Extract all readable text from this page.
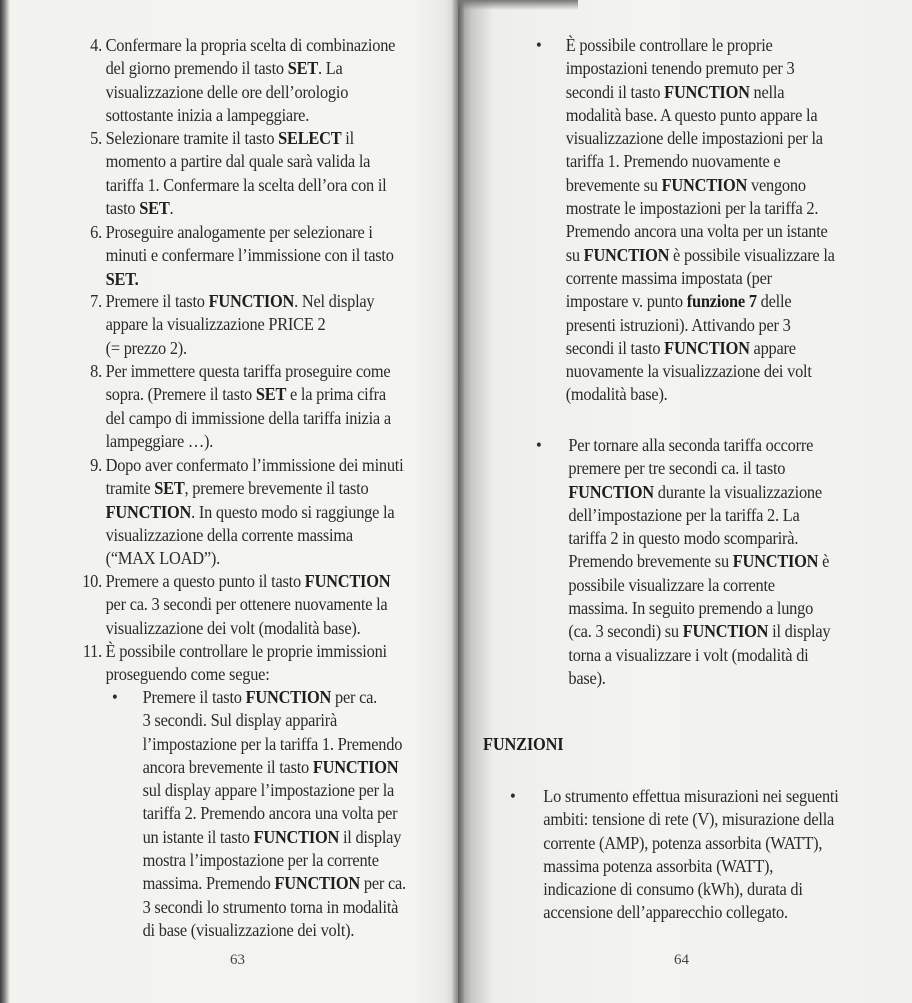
4. Confermare la propria scelta di combinazione
del giorno premendo il tasto SET. La
visualizzazione delle ore dell’orologio
sottostante inizia a lampeggiare.
5. Selezionare tramite il tasto SELECT il
momento a partire dal quale sarà valida la
tariffa 1. Confermare la scelta dell’ora con il
tasto SET.
6. Proseguire analogamente per selezionare i
minuti e confermare l’immissione con il tasto
SET.
7. Premere il tasto FUNCTION. Nel display
appare la visualizzazione PRICE 2
(= prezzo 2).
8. Per immettere questa tariffa proseguire come
sopra. (Premere il tasto SET e la prima cifra
del campo di immissione della tariffa inizia a
lampeggiare …).
9. Dopo aver confermato l’immissione dei minuti
tramite SET, premere brevemente il tasto
FUNCTION. In questo modo si raggiunge la
visualizzazione della corrente massima
(“MAX LOAD”).
10. Premere a questo punto il tasto FUNCTION
per ca. 3 secondi per ottenere nuovamente la
visualizzazione dei volt (modalità base).
11. È possibile controllare le proprie immissioni
proseguendo come segue:
• Premere il tasto FUNCTION per ca.
3 secondi. Sul display apparirà
l’impostazione per la tariffa 1. Premendo
ancora brevemente il tasto FUNCTION
sul display appare l’impostazione per la
tariffa 2. Premendo ancora una volta per
un istante il tasto FUNCTION il display
mostra l’impostazione per la corrente
massima. Premendo FUNCTION per ca.
3 secondi lo strumento torna in modalità
di base (visualizzazione dei volt).
63
• È possibile controllare le proprie
impostazioni tenendo premuto per 3
secondi il tasto FUNCTION nella
modalità base. A questo punto appare la
visualizzazione delle impostazioni per la
tariffa 1. Premendo nuovamente e
brevemente su FUNCTION vengono
mostrate le impostazioni per la tariffa 2.
Premendo ancora una volta per un istante
su FUNCTION è possibile visualizzare la
corrente massima impostata (per
impostare v. punto funzione 7 delle
presenti istruzioni). Attivando per 3
secondi il tasto FUNCTION appare
nuovamente la visualizzazione dei volt
(modalità base).
• Per tornare alla seconda tariffa occorre
premere per tre secondi ca. il tasto
FUNCTION durante la visualizzazione
dell’impostazione per la tariffa 2. La
tariffa 2 in questo modo scomparirà.
Premendo brevemente su FUNCTION è
possibile visualizzare la corrente
massima. In seguito premendo a lungo
(ca. 3 secondi) su FUNCTION il display
torna a visualizzare i volt (modalità di
base).
FUNZIONI
• Lo strumento effettua misurazioni nei seguenti
ambiti: tensione di rete (V), misurazione della
corrente (AMP), potenza assorbita (WATT),
massima potenza assorbita (WATT),
indicazione di consumo (kWh), durata di
accensione dell’apparecchio collegato.
64
